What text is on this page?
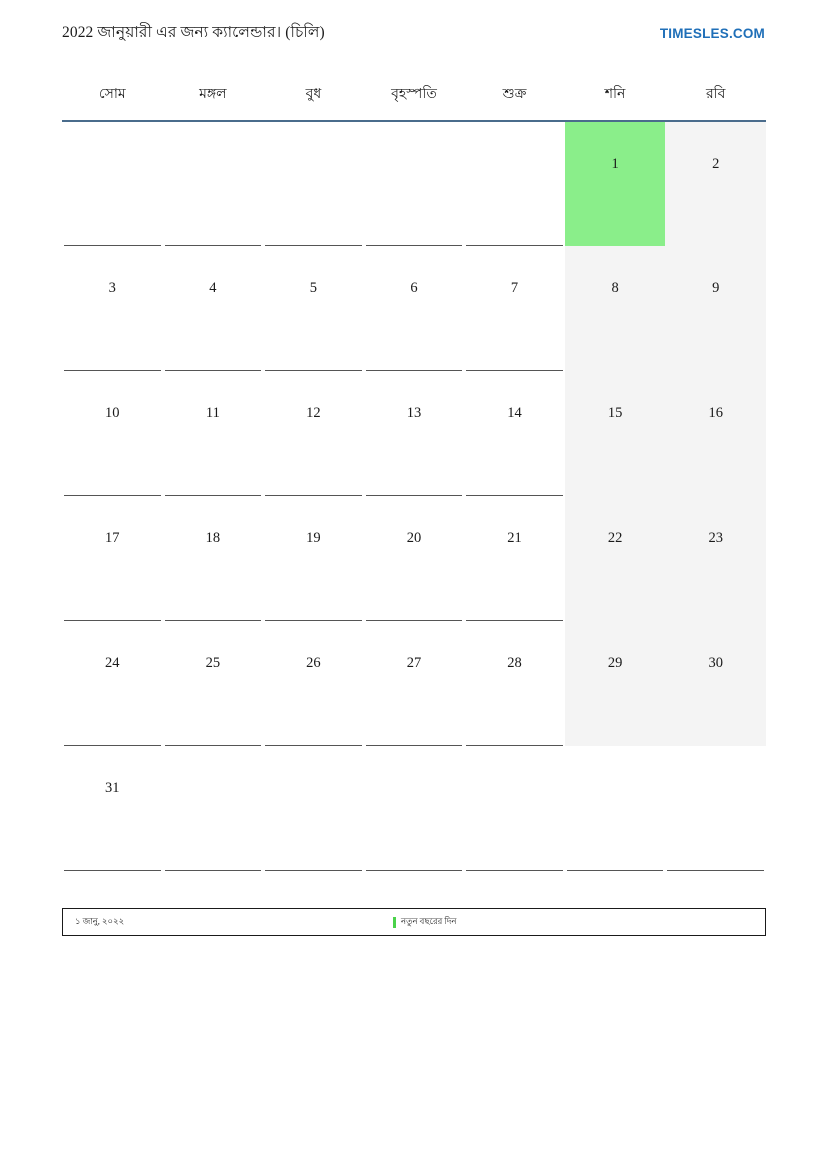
2022 জানুয়ারী এর জন্য ক্যালেন্ডার। (চিলি)	TIMESLES.COM
সোম	মঙ্গল	বুধ	বৃহস্পতি	শুক্র	শনি	রবি

					1	2

3	4	5	6	7	8	9

10	11	12	13	14	15	16

17	18	19	20	21	22	23

24	25	26	27	28	29	30

31						

১ জানু, ২০২২	নতুন বছরের দিন
